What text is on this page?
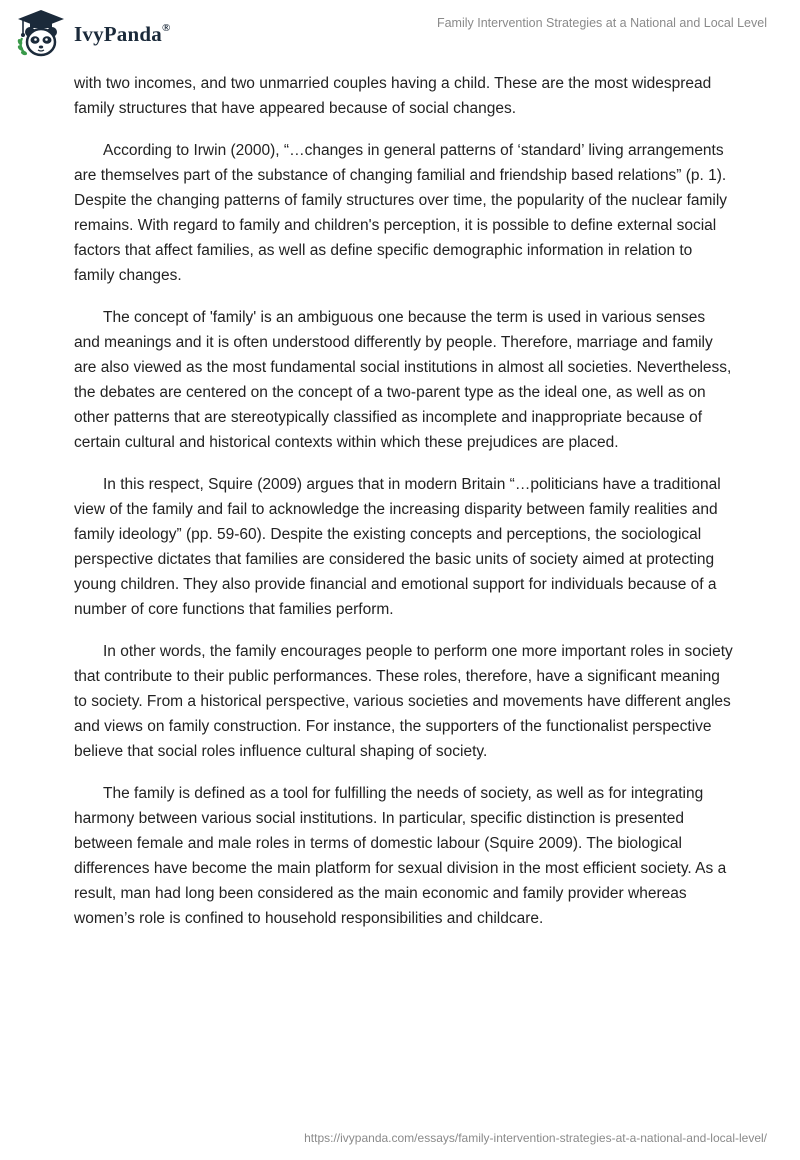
IvyPanda®	Family Intervention Strategies at a National and Local Level

with two incomes, and two unmarried couples having a child. These are the most widespread family structures that have appeared because of social changes.

According to Irwin (2000), “…changes in general patterns of ‘standard’ living arrangements are themselves part of the substance of changing familial and friendship based relations” (p. 1). Despite the changing patterns of family structures over time, the popularity of the nuclear family remains. With regard to family and children's perception, it is possible to define external social factors that affect families, as well as define specific demographic information in relation to family changes.

The concept of 'family' is an ambiguous one because the term is used in various senses and meanings and it is often understood differently by people. Therefore, marriage and family are also viewed as the most fundamental social institutions in almost all societies. Nevertheless, the debates are centered on the concept of a two-parent type as the ideal one, as well as on other patterns that are stereotypically classified as incomplete and inappropriate because of certain cultural and historical contexts within which these prejudices are placed.

In this respect, Squire (2009) argues that in modern Britain “…politicians have a traditional view of the family and fail to acknowledge the increasing disparity between family realities and family ideology” (pp. 59-60). Despite the existing concepts and perceptions, the sociological perspective dictates that families are considered the basic units of society aimed at protecting young children. They also provide financial and emotional support for individuals because of a number of core functions that families perform.

In other words, the family encourages people to perform one more important roles in society that contribute to their public performances. These roles, therefore, have a significant meaning to society. From a historical perspective, various societies and movements have different angles and views on family construction. For instance, the supporters of the functionalist perspective believe that social roles influence cultural shaping of society.

The family is defined as a tool for fulfilling the needs of society, as well as for integrating harmony between various social institutions. In particular, specific distinction is presented between female and male roles in terms of domestic labour (Squire 2009). The biological differences have become the main platform for sexual division in the most efficient society. As a result, man had long been considered as the main economic and family provider whereas women’s role is confined to household responsibilities and childcare.

https://ivypanda.com/essays/family-intervention-strategies-at-a-national-and-local-level/
